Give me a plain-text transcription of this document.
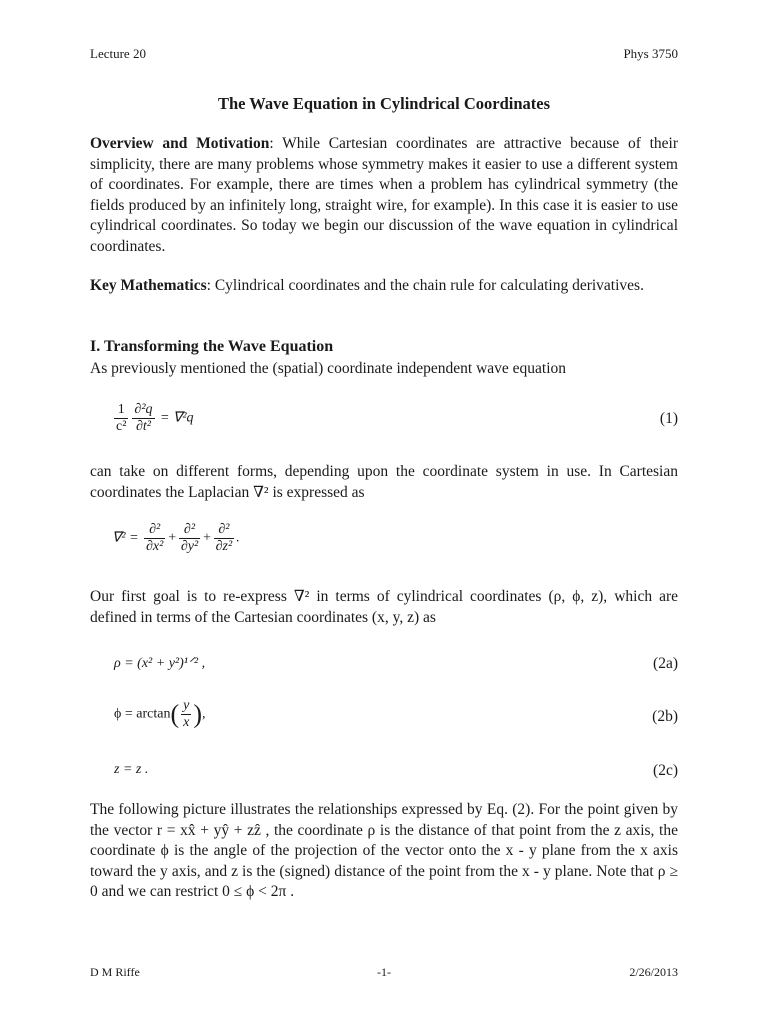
Lecture 20	Phys 3750
The Wave Equation in Cylindrical Coordinates
Overview and Motivation: While Cartesian coordinates are attractive because of their simplicity, there are many problems whose symmetry makes it easier to use a different system of coordinates. For example, there are times when a problem has cylindrical symmetry (the fields produced by an infinitely long, straight wire, for example). In this case it is easier to use cylindrical coordinates. So today we begin our discussion of the wave equation in cylindrical coordinates.
Key Mathematics: Cylindrical coordinates and the chain rule for calculating derivatives.
I. Transforming the Wave Equation
As previously mentioned the (spatial) coordinate independent wave equation
$\frac{1}{\text{c²}} \frac{\text{∂²q}}{\text{∂t²}} = \nabla^2q$	(1)
can take on different forms, depending upon the coordinate system in use. In Cartesian coordinates the Laplacian ∇² is expressed as
$\nabla^2 = \frac{\text{∂²}}{\text{∂x²}} + \frac{\text{∂²}}{\text{∂y²}} + \frac{\text{∂²}}{\text{∂z²}}$ .
Our first goal is to re-express ∇² in terms of cylindrical coordinates (ρ, ϕ, z), which are defined in terms of the Cartesian coordinates (x, y, z) as
ρ = (x² + y²)¹ᐟ² ,	(2a)
$\phi = \arctan( \frac{y}{x}$ ),	(2b)
z = z .	(2c)
The following picture illustrates the relationships expressed by Eq. (2). For the point given by the vector r = xx̂ + yŷ + zẑ , the coordinate ρ is the distance of that point from the z axis, the coordinate ϕ is the angle of the projection of the vector onto the x - y plane from the x axis toward the y axis, and z is the (signed) distance of the point from the x - y plane. Note that ρ ≥ 0 and we can restrict 0 ≤ ϕ < 2π .
D M Riffe	-1-	2/26/2013
